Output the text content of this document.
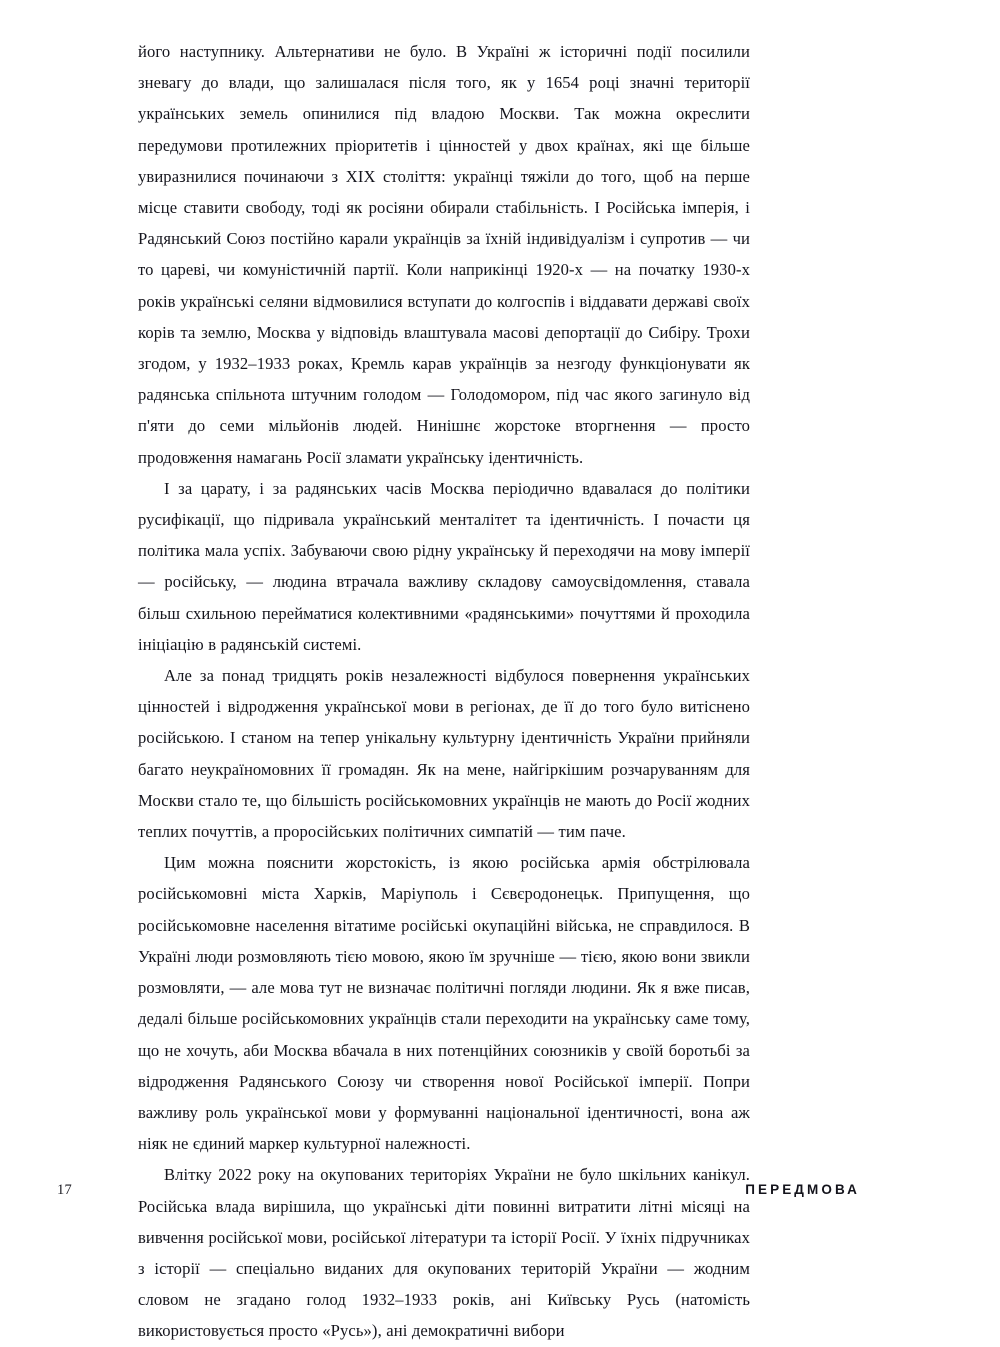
його наступнику. Альтернативи не було. В Україні ж історичні події посилили зневагу до влади, що залишалася після того, як у 1654 році значні території українських земель опинилися під владою Москви. Так можна окреслити передумови протилежних пріоритетів і цінностей у двох країнах, які ще більше увиразнилися починаючи з XIX століття: українці тяжіли до того, щоб на перше місце ставити свободу, тоді як росіяни обирали стабільність. І Російська імперія, і Радянський Союз постійно карали українців за їхній індивідуалізм і супротив — чи то цареві, чи комуністичній партії. Коли наприкінці 1920-х — на початку 1930-х років українські селяни відмовилися вступати до колгоспів і віддавати державі своїх корів та землю, Москва у відповідь влаштувала масові депортації до Сибіру. Трохи згодом, у 1932–1933 роках, Кремль карав українців за незгоду функціонувати як радянська спільнота штучним голодом — Голодомором, під час якого загинуло від п'яти до семи мільйонів людей. Нинішнє жорстоке вторгнення — просто продовження намагань Росії зламати українську ідентичність.

І за царату, і за радянських часів Москва періодично вдавалася до політики русифікації, що підривала український менталітет та ідентичність. І почасти ця політика мала успіх. Забуваючи свою рідну українську й переходячи на мову імперії — російську, — людина втрачала важливу складову самоусвідомлення, ставала більш схильною перейматися колективними «радянськими» почуттями й проходила ініціацію в радянській системі.

Але за понад тридцять років незалежності відбулося повернення українських цінностей і відродження української мови в регіонах, де її до того було витіснено російською. І станом на тепер унікальну культурну ідентичність України прийняли багато неукраїномовних її громадян. Як на мене, найгіркішим розчаруванням для Москви стало те, що більшість російськомовних українців не мають до Росії жодних теплих почуттів, а проросійських політичних симпатій — тим паче.

Цим можна пояснити жорстокість, із якою російська армія обстрілювала російськомовні міста Харків, Маріуполь і Сєвєродонецьк. Припущення, що російськомовне населення вітатиме російські окупаційні війська, не справдилося. В Україні люди розмовляють тією мовою, якою їм зручніше — тією, якою вони звикли розмовляти, — але мова тут не визначає політичні погляди людини. Як я вже писав, дедалі більше російськомовних українців стали переходити на українську саме тому, що не хочуть, аби Москва вбачала в них потенційних союзників у своїй боротьбі за відродження Радянського Союзу чи створення нової Російської імперії. Попри важливу роль української мови у формуванні національної ідентичності, вона аж ніяк не єдиний маркер культурної належності.

Влітку 2022 року на окупованих територіях України не було шкільних канікул. Російська влада вирішила, що українські діти повинні витратити літні місяці на вивчення російської мови, російської літератури та історії Росії. У їхніх підручниках з історії — спеціально виданих для окупованих територій України — жодним словом не згадано голод 1932–1933 років, ані Київську Русь (натомість використовується просто «Русь»), ані демократичні вибори

17	ПЕРЕДМОВА
